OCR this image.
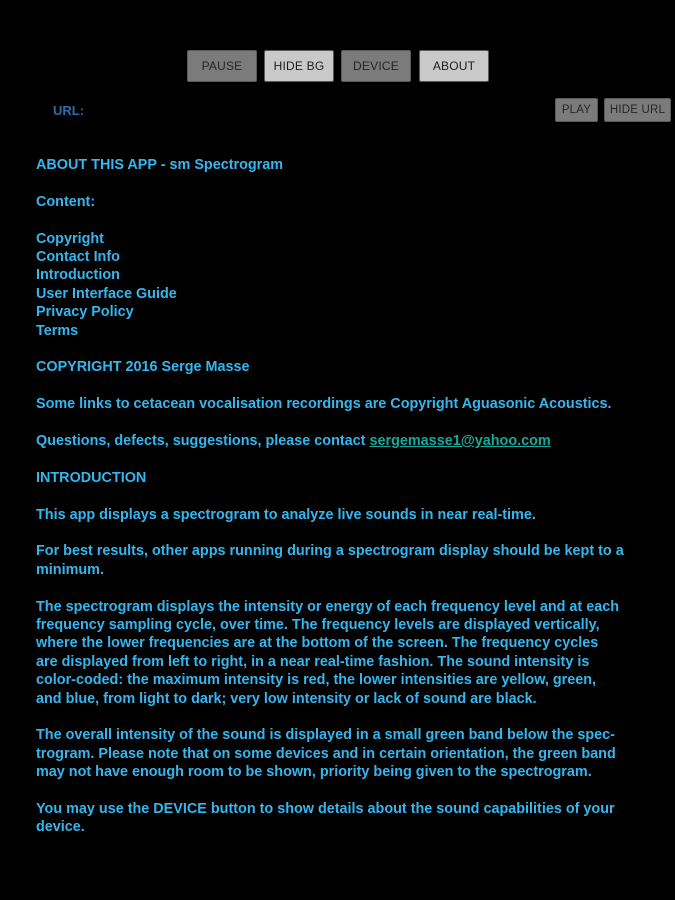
PAUSE	HIDE BG	DEVICE	ABOUT
URL:	PLAY	HIDE URL

ABOUT THIS APP - sm Spectrogram

Content:

Copyright
Contact Info
Introduction
User Interface Guide
Privacy Policy
Terms

COPYRIGHT 2016 Serge Masse

Some links to cetacean vocalisation recordings are Copyright Aguasonic Acoustics.

Questions, defects, suggestions, please contact sergemasse1@yahoo.com

INTRODUCTION

This app displays a spectrogram to analyze live sounds in near real-time.

For best results, other apps running during a spectrogram display should be kept to a
minimum.

The spectrogram displays the intensity or energy of each frequency level and at each
frequency sampling cycle, over time. The frequency levels are displayed vertically,
where the lower frequencies are at the bottom of the screen. The frequency cycles
are displayed from left to right, in a near real-time fashion. The sound intensity is
color-coded: the maximum intensity is red, the lower intensities are yellow, green,
and blue, from light to dark; very low intensity or lack of sound are black.

The overall intensity of the sound is displayed in a small green band below the spec-
trogram. Please note that on some devices and in certain orientation, the green band
may not have enough room to be shown, priority being given to the spectrogram.

You may use the DEVICE button to show details about the sound capabilities of your
device.
